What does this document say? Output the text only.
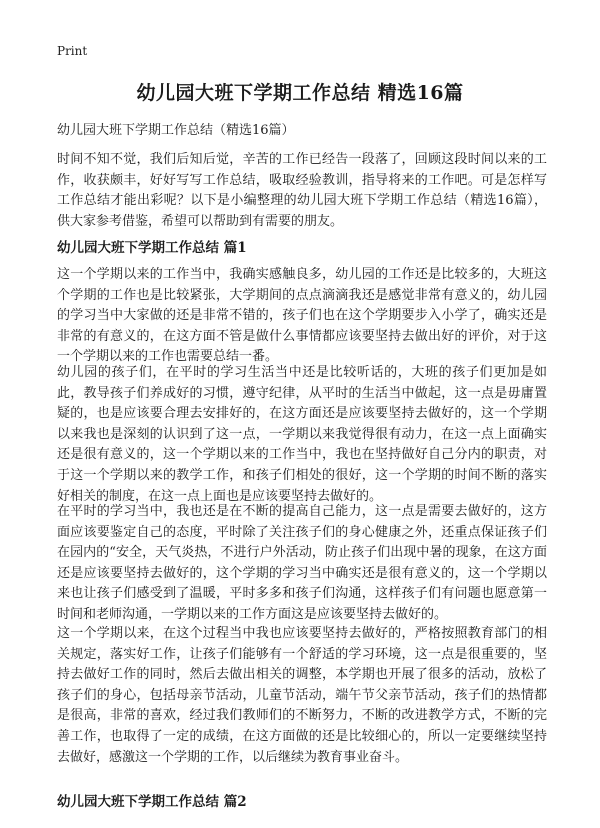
Print
幼儿园大班下学期工作总结 精选16篇
幼儿园大班下学期工作总结（精选16篇）
时间不知不觉，我们后知后觉，辛苦的工作已经告一段落了，回顾这段时间以来的工作，收获颇丰，好好写写工作总结，吸取经验教训，指导将来的工作吧。可是怎样写工作总结才能出彩呢？以下是小编整理的幼儿园大班下学期工作总结（精选16篇），供大家参考借鉴，希望可以帮助到有需要的朋友。
幼儿园大班下学期工作总结 篇1
这一个学期以来的工作当中，我确实感触良多，幼儿园的工作还是比较多的，大班这个学期的工作也是比较紧张，大学期间的点点滴滴我还是感觉非常有意义的，幼儿园的学习当中大家做的还是非常不错的，孩子们也在这个学期要步入小学了，确实还是非常的有意义的，在这方面不管是做什么事情都应该要坚持去做出好的评价，对于这一个学期以来的工作也需要总结一番。
幼儿园的孩子们，在平时的学习生活当中还是比较听话的，大班的孩子们更加是如此，教导孩子们养成好的习惯，遵守纪律，从平时的生活当中做起，这一点是毋庸置疑的，也是应该要合理去安排好的，在这方面还是应该要坚持去做好的，这一个学期以来我也是深刻的认识到了这一点，一学期以来我觉得很有动力，在这一点上面确实还是很有意义的，这一个学期以来的工作当中，我也在坚持做好自己分内的职责，对于这一个学期以来的教学工作，和孩子们相处的很好，这一个学期的时间不断的落实好相关的制度，在这一点上面也是应该要坚持去做好的。
在平时的学习当中，我也还是在不断的提高自己能力，这一点是需要去做好的，这方面应该要鉴定自己的态度，平时除了关注孩子们的身心健康之外，还重点保证孩子们在园内的“安全，天气炎热，不进行户外活动，防止孩子们出现中暑的现象，在这方面还是应该要坚持去做好的，这个学期的学习当中确实还是很有意义的，这一个学期以来也让孩子们感受到了温暖，平时多多和孩子们沟通，这样孩子们有问题也愿意第一时间和老师沟通，一学期以来的工作方面这是应该要坚持去做好的。
这一个学期以来，在这个过程当中我也应该要坚持去做好的，严格按照教育部门的相关规定，落实好工作，让孩子们能够有一个舒适的学习环境，这一点是很重要的，坚持去做好工作的同时，然后去做出相关的调整，本学期也开展了很多的活动，放松了孩子们的身心，包括母亲节活动，儿童节活动，端午节父亲节活动，孩子们的热情都是很高，非常的喜欢，经过我们教师们的不断努力，不断的改进教学方式，不断的完善工作，也取得了一定的成绩，在这方面做的还是比较细心的，所以一定要继续坚持去做好，感激这一个学期的工作，以后继续为教育事业奋斗。
幼儿园大班下学期工作总结 篇2
